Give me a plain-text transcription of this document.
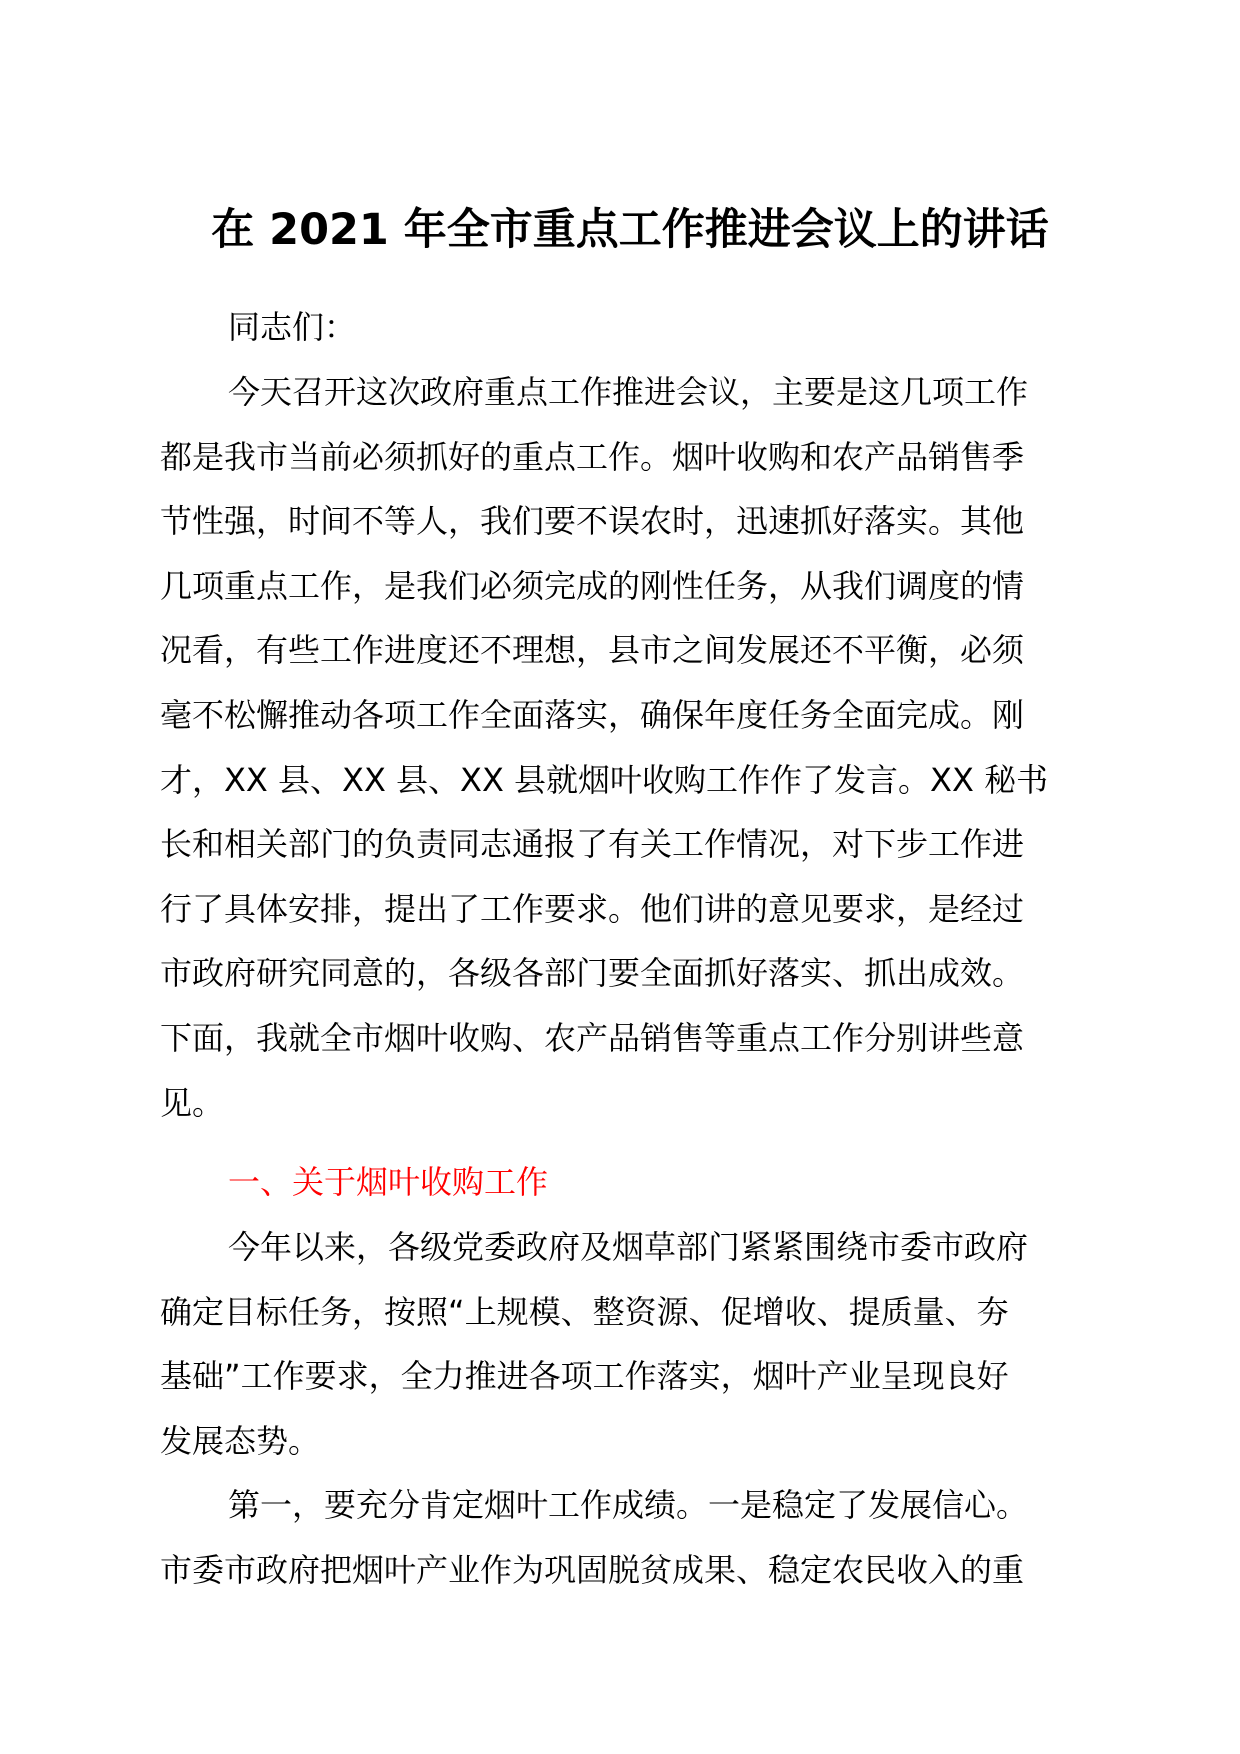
在 2021 年全市重点工作推进会议上的讲话

同志们：

今天召开这次政府重点工作推进会议，主要是这几项工作
都是我市当前必须抓好的重点工作。烟叶收购和农产品销售季
节性强，时间不等人，我们要不误农时，迅速抓好落实。其他
几项重点工作，是我们必须完成的刚性任务，从我们调度的情
况看，有些工作进度还不理想，县市之间发展还不平衡，必须
毫不松懈推动各项工作全面落实，确保年度任务全面完成。刚
才，XX 县、XX 县、XX 县就烟叶收购工作作了发言。XX 秘书
长和相关部门的负责同志通报了有关工作情况，对下步工作进
行了具体安排，提出了工作要求。他们讲的意见要求，是经过
市政府研究同意的，各级各部门要全面抓好落实、抓出成效。
下面，我就全市烟叶收购、农产品销售等重点工作分别讲些意
见。

一、关于烟叶收购工作

今年以来，各级党委政府及烟草部门紧紧围绕市委市政府
确定目标任务，按照“上规模、整资源、促增收、提质量、夯
基础”工作要求，全力推进各项工作落实，烟叶产业呈现良好
发展态势。
第一，要充分肯定烟叶工作成绩。一是稳定了发展信心。
市委市政府把烟叶产业作为巩固脱贫成果、稳定农民收入的重
